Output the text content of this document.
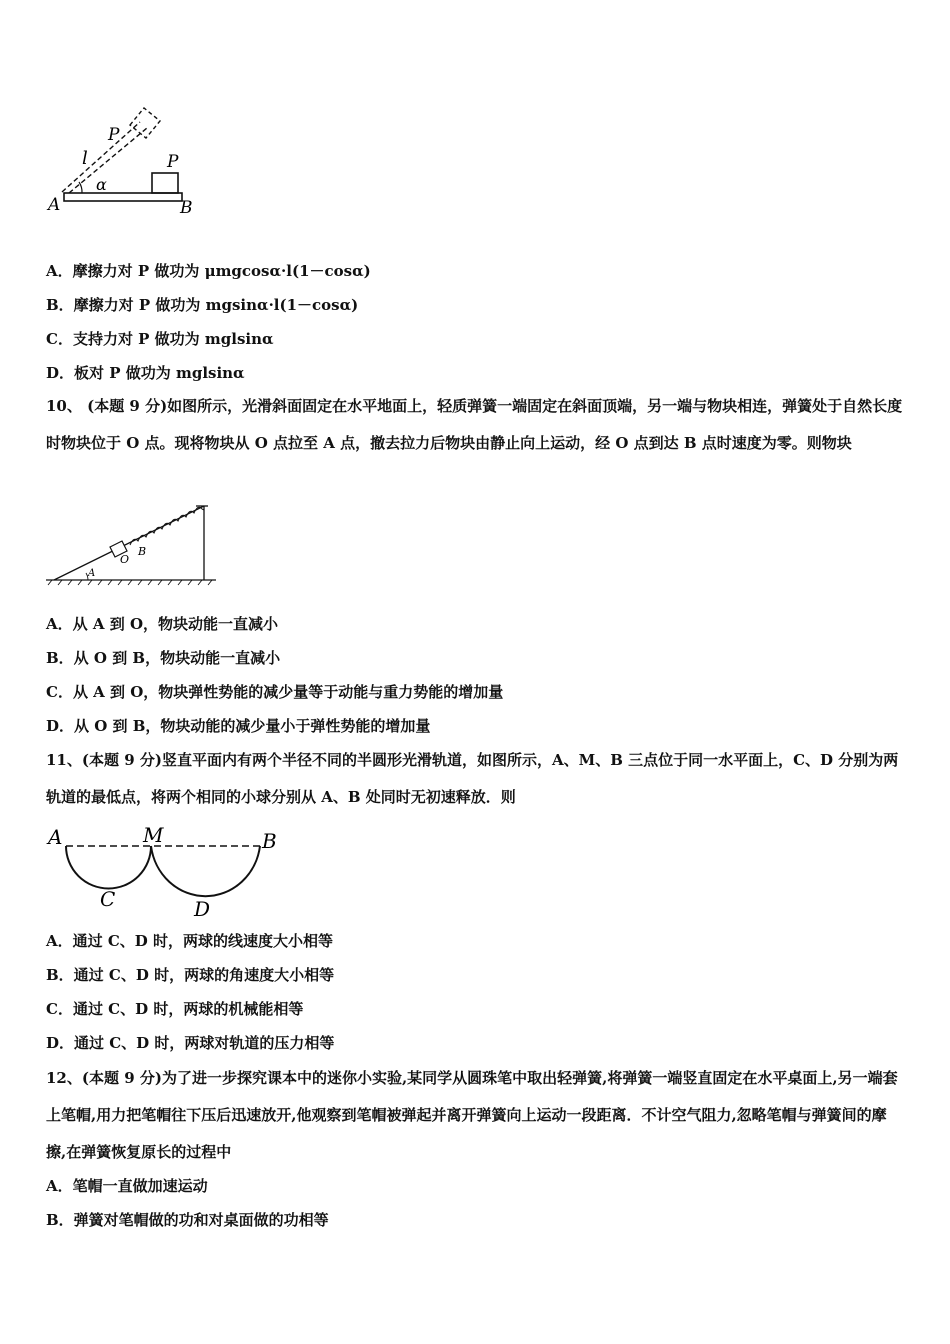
P
l
α
P
A	B
A．摩擦力对 P 做功为 μmgcosα·l(1－cosα)
B．摩擦力对 P 做功为 mgsinα·l(1－cosα)
C．支持力对 P 做功为 mglsinα
D．板对 P 做功为 mglsinα
10、 (本题 9 分)如图所示，光滑斜面固定在水平地面上，轻质弹簧一端固定在斜面顶端，另一端与物块相连，弹簧处于自然长度时物块位于 O 点。现将物块从 O 点拉至 A 点，撤去拉力后物块由静止向上运动，经 O 点到达 B 点时速度为零。则物块
A
O
B
A．从 A 到 O，物块动能一直减小
B．从 O 到 B，物块动能一直减小
C．从 A 到 O，物块弹性势能的减少量等于动能与重力势能的增加量
D．从 O 到 B，物块动能的减少量小于弹性势能的增加量
11、(本题 9 分)竖直平面内有两个半径不同的半圆形光滑轨道，如图所示，A、M、B 三点位于同一水平面上，C、D 分别为两轨道的最低点，将两个相同的小球分别从 A、B 处同时无初速释放．则
A	M	B
C	D
A．通过 C、D 时，两球的线速度大小相等
B．通过 C、D 时，两球的角速度大小相等
C．通过 C、D 时，两球的机械能相等
D．通过 C、D 时，两球对轨道的压力相等
12、(本题 9 分)为了进一步探究课本中的迷你小实验,某同学从圆珠笔中取出轻弹簧,将弹簧一端竖直固定在水平桌面上,另一端套上笔帽,用力把笔帽往下压后迅速放开,他观察到笔帽被弹起并离开弹簧向上运动一段距离．不计空气阻力,忽略笔帽与弹簧间的摩擦,在弹簧恢复原长的过程中
A．笔帽一直做加速运动
B．弹簧对笔帽做的功和对桌面做的功相等
